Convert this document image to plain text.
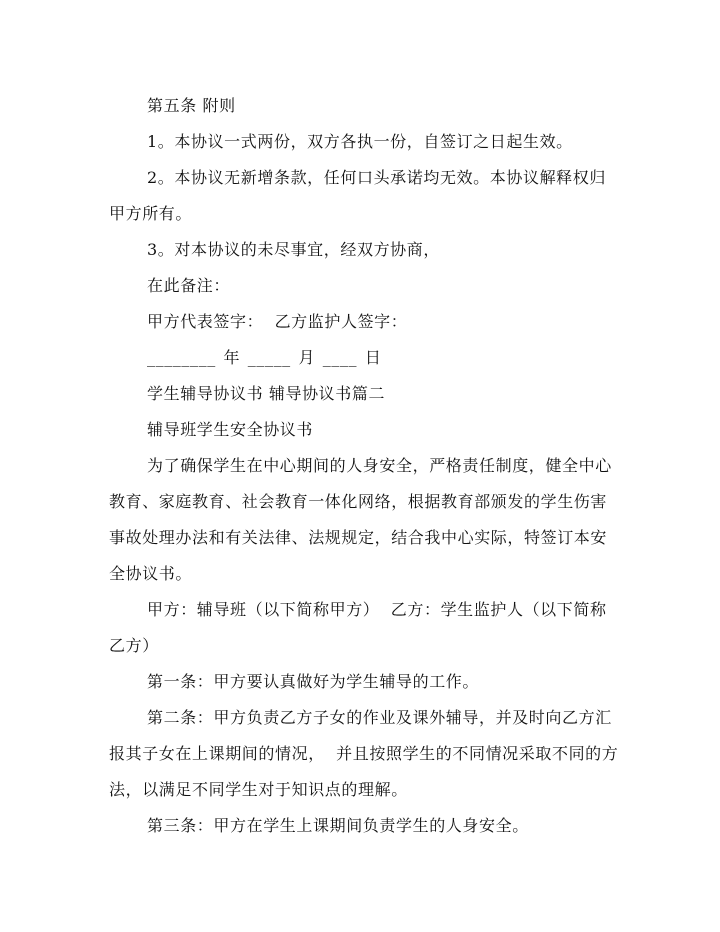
第五条 附则
1。本协议一式两份，双方各执一份，自签订之日起生效。
2。本协议无新增条款，任何口头承诺均无效。本协议解释权归
甲方所有。
3。对本协议的未尽事宜，经双方协商，
在此备注：
甲方代表签字：  乙方监护人签字：
________ 年 _____ 月 ____ 日
学生辅导协议书 辅导协议书篇二
辅导班学生安全协议书
为了确保学生在中心期间的人身安全，严格责任制度，健全中心
教育、家庭教育、社会教育一体化网络，根据教育部颁发的学生伤害
事故处理办法和有关法律、法规规定，结合我中心实际，特签订本安
全协议书。
甲方：辅导班（以下简称甲方）  乙方：学生监护人（以下简称
乙方）
第一条：甲方要认真做好为学生辅导的工作。
第二条：甲方负责乙方子女的作业及课外辅导，并及时向乙方汇
报其子女在上课期间的情况，  并且按照学生的不同情况采取不同的方
法，以满足不同学生对于知识点的理解。
第三条：甲方在学生上课期间负责学生的人身安全。
